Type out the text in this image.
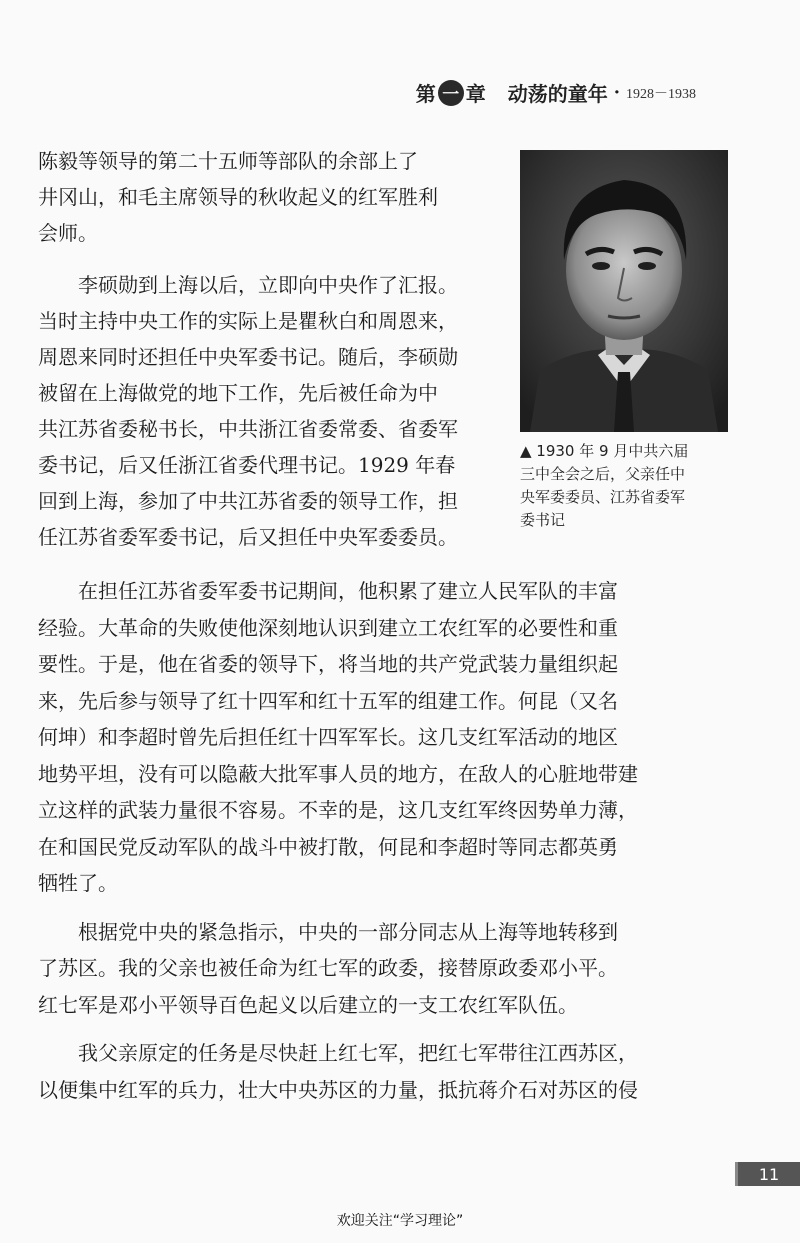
第 一 章 动荡的童年 · 1928－1938
陈毅等领导的第二十五师等部队的余部上了
井冈山，和毛主席领导的秋收起义的红军胜利
会师。
　　李硕勋到上海以后，立即向中央作了汇报。
当时主持中央工作的实际上是瞿秋白和周恩来，
周恩来同时还担任中央军委书记。随后，李硕勋
被留在上海做党的地下工作，先后被任命为中
共江苏省委秘书长，中共浙江省委常委、省委军
委书记，后又任浙江省委代理书记。1929 年春
回到上海，参加了中共江苏省委的领导工作，担
任江苏省委军委书记，后又担任中央军委委员。
　　在担任江苏省委军委书记期间，他积累了建立人民军队的丰富
经验。大革命的失败使他深刻地认识到建立工农红军的必要性和重
要性。于是，他在省委的领导下，将当地的共产党武装力量组织起
来，先后参与领导了红十四军和红十五军的组建工作。何昆（又名
何坤）和李超时曾先后担任红十四军军长。这几支红军活动的地区
地势平坦，没有可以隐蔽大批军事人员的地方，在敌人的心脏地带建
立这样的武装力量很不容易。不幸的是，这几支红军终因势单力薄，
在和国民党反动军队的战斗中被打散，何昆和李超时等同志都英勇
牺牲了。
　　根据党中央的紧急指示，中央的一部分同志从上海等地转移到
了苏区。我的父亲也被任命为红七军的政委，接替原政委邓小平。
红七军是邓小平领导百色起义以后建立的一支工农红军队伍。
　　我父亲原定的任务是尽快赶上红七军，把红七军带往江西苏区，
以便集中红军的兵力，壮大中央苏区的力量，抵抗蒋介石对苏区的侵
▲ 1930 年 9 月中共六届
三中全会之后，父亲任中
央军委委员、江苏省委军
委书记
11
欢迎关注“学习理论”
